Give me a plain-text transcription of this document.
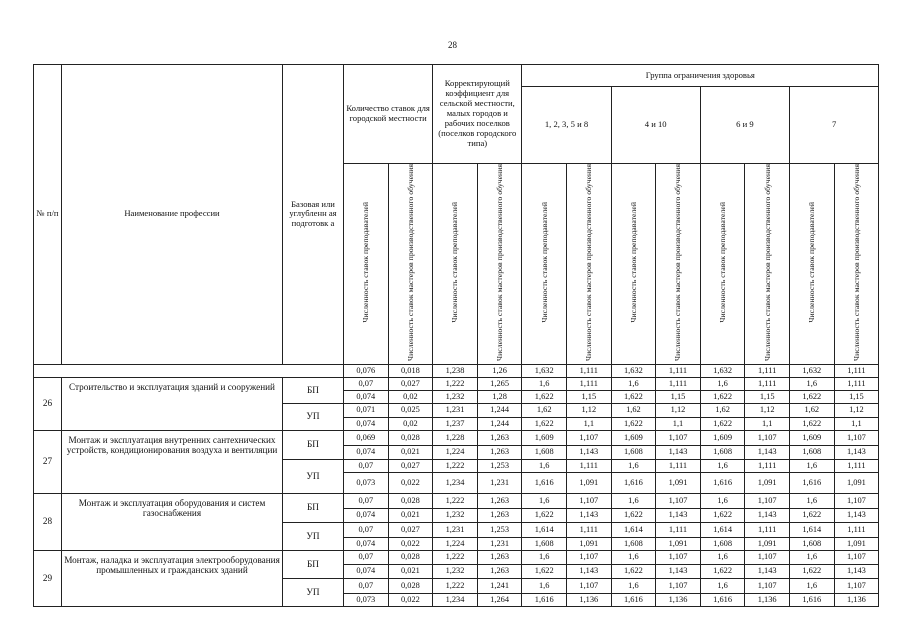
28
№ п/п	Наименование профессии	Базовая или углубленн ая подготовк а	Количество ставок для городской местности		Корректирующий коэффициент для сельской местности, малых городов и рабочих поселков (поселков городского типа)		Группа ограничения здоровья							
							1, 2, 3, 5 и 8		4 и 10		6 и 9		7	
			Численность ставок преподавателей	Численность ставок мастеров производственного обучения	Численность ставок преподавателей	Численность ставок мастеров производственного обучения	Численность ставок преподавателей	Численность ставок мастеров производственного обучения	Численность ставок преподавателей	Численность ставок мастеров производственного обучения	Численность ставок преподавателей	Численность ставок мастеров производственного обучения	Численность ставок преподавателей	Численность ставок мастеров производственного обучения
			0,076	0,018	1,238	1,26	1,632	1,111	1,632	1,111	1,632	1,111	1,632	1,111
26	Строительство и эксплуатация зданий и сооружений	БП	0,07	0,027	1,222	1,265	1,6	1,111	1,6	1,111	1,6	1,111	1,6	1,111
			0,074	0,02	1,232	1,28	1,622	1,15	1,622	1,15	1,622	1,15	1,622	1,15
		УП	0,071	0,025	1,231	1,244	1,62	1,12	1,62	1,12	1,62	1,12	1,62	1,12
			0,074	0,02	1,237	1,244	1,622	1,1	1,622	1,1	1,622	1,1	1,622	1,1
27	Монтаж и эксплуатация внутренних сантехнических устройств, кондиционирования воздуха и вентиляции	БП	0,069	0,028	1,228	1,263	1,609	1,107	1,609	1,107	1,609	1,107	1,609	1,107
			0,074	0,021	1,224	1,263	1,608	1,143	1,608	1,143	1,608	1,143	1,608	1,143
		УП	0,07	0,027	1,222	1,253	1,6	1,111	1,6	1,111	1,6	1,111	1,6	1,111
			0,073	0,022	1,234	1,231	1,616	1,091	1,616	1,091	1,616	1,091	1,616	1,091
28	Монтаж и эксплуатация оборудования и систем газоснабжения	БП	0,07	0,028	1,222	1,263	1,6	1,107	1,6	1,107	1,6	1,107	1,6	1,107
			0,074	0,021	1,232	1,263	1,622	1,143	1,622	1,143	1,622	1,143	1,622	1,143
		УП	0,07	0,027	1,231	1,253	1,614	1,111	1,614	1,111	1,614	1,111	1,614	1,111
			0,074	0,022	1,224	1,231	1,608	1,091	1,608	1,091	1,608	1,091	1,608	1,091
29	Монтаж, наладка и эксплуатация электрооборудования промышленных и гражданских зданий	БП	0,07	0,028	1,222	1,263	1,6	1,107	1,6	1,107	1,6	1,107	1,6	1,107
			0,074	0,021	1,232	1,263	1,622	1,143	1,622	1,143	1,622	1,143	1,622	1,143
		УП	0,07	0,028	1,222	1,241	1,6	1,107	1,6	1,107	1,6	1,107	1,6	1,107
			0,073	0,022	1,234	1,264	1,616	1,136	1,616	1,136	1,616	1,136	1,616	1,136
